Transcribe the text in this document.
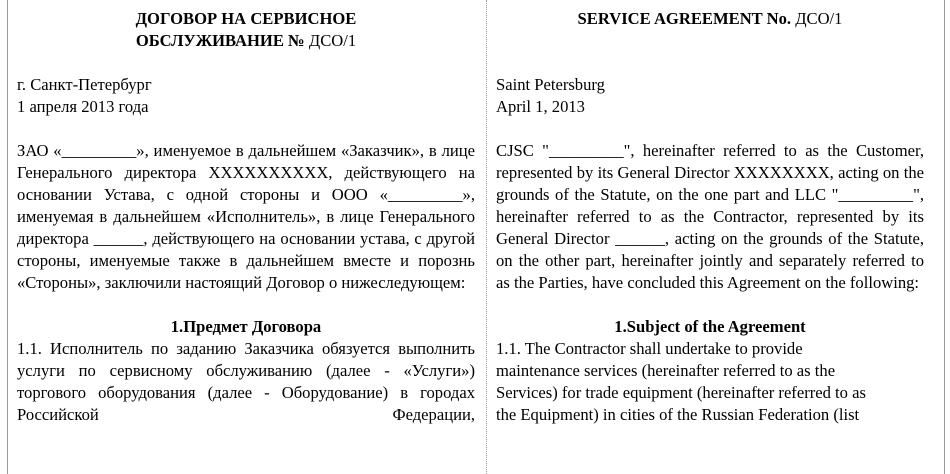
ДОГОВОР НА СЕРВИСНОЕ
ОБСЛУЖИВАНИЕ № ДСО/1

г. Санкт-Петербург

1 апреля 2013 года

ЗАО «_________», именуемое в дальнейшем «Заказчик», в лице Генерального директора XXXXXXXXXX, действующего на основании Устава, с одной стороны и ООО «_________», именуемая в дальнейшем «Исполнитель», в лице Генерального директора ______, действующего на основании устава, с другой стороны, именуемые также в дальнейшем вместе и порознь «Стороны», заключили настоящий Договор о нижеследующем:

1.Предмет Договора

1.1. Исполнитель по заданию Заказчика обязуется выполнить услуги по сервисному обслуживанию (далее - «Услуги») торгового оборудования (далее - Оборудование) в городах Российской Федерации,

SERVICE AGREEMENT No. ДСО/1

Saint Petersburg

April 1, 2013

CJSC "_________", hereinafter referred to as the Customer, represented by its General Director XXXXXXXX, acting on the grounds of the Statute, on the one part and LLC "_________", hereinafter referred to as the Contractor, represented by its General Director ______, acting on the grounds of the Statute, on the other part, hereinafter jointly and separately referred to as the Parties, have concluded this Agreement on the following:

1.Subject of the Agreement

1.1. The Contractor shall undertake to provide

maintenance services (hereinafter referred to as the

Services) for trade equipment (hereinafter referred to as

the Equipment) in cities of the Russian Federation (list
